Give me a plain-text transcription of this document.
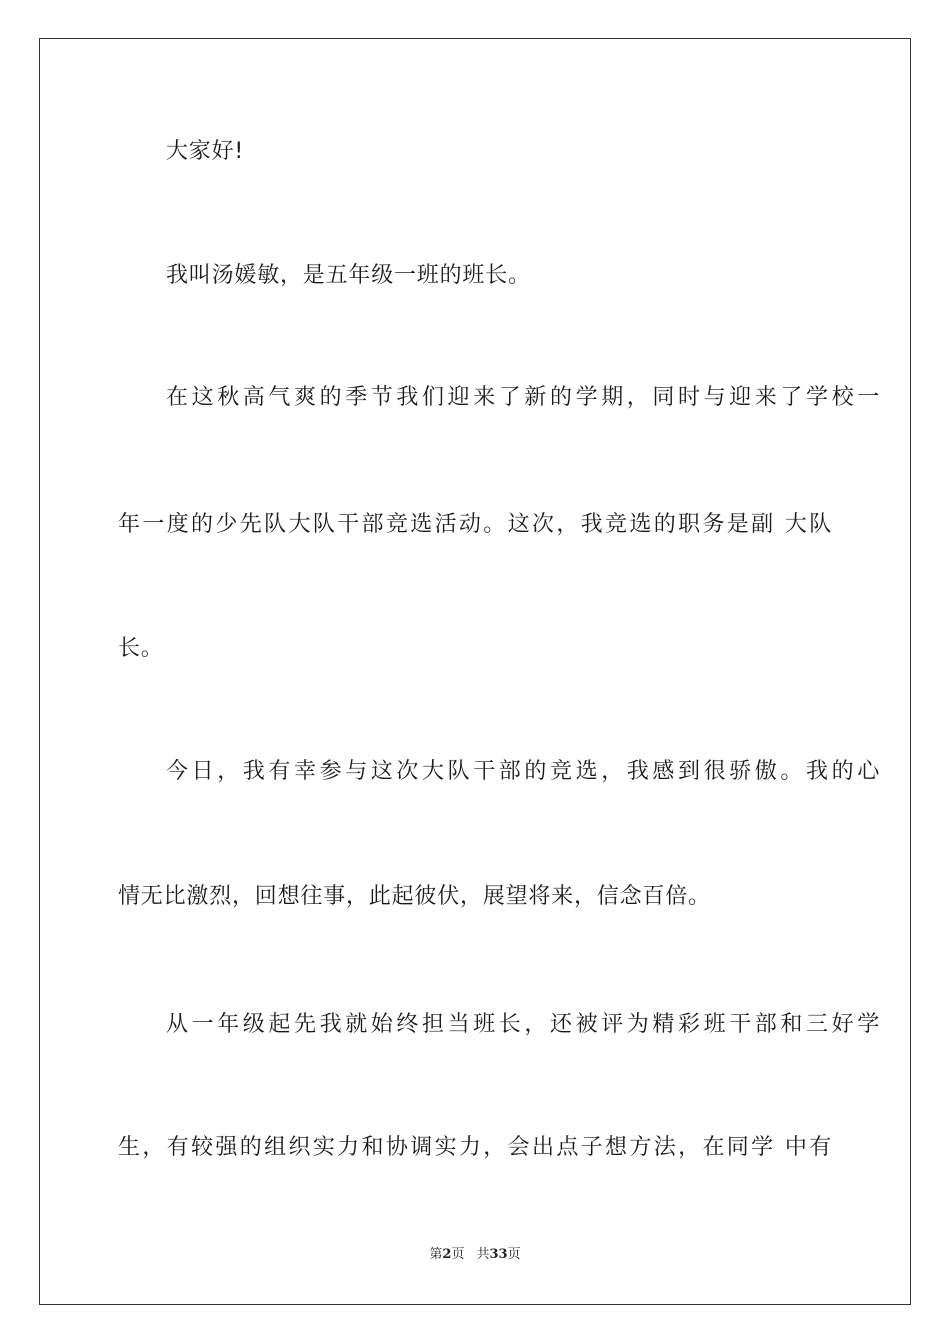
大家好!
我叫汤媛敏，是五年级一班的班长。
在这秋高气爽的季节我们迎来了新的学期，同时与迎来了学校一
年一度的少先队大队干部竞选活动。这次，我竞选的职务是副 大队
长。
今日，我有幸参与这次大队干部的竞选，我感到很骄傲。我的心
情无比激烈，回想往事，此起彼伏，展望将来，信念百倍。
从一年级起先我就始终担当班长，还被评为精彩班干部和三好学
生，有较强的组织实力和协调实力，会出点子想方法，在同学 中有
第2页 共33页
